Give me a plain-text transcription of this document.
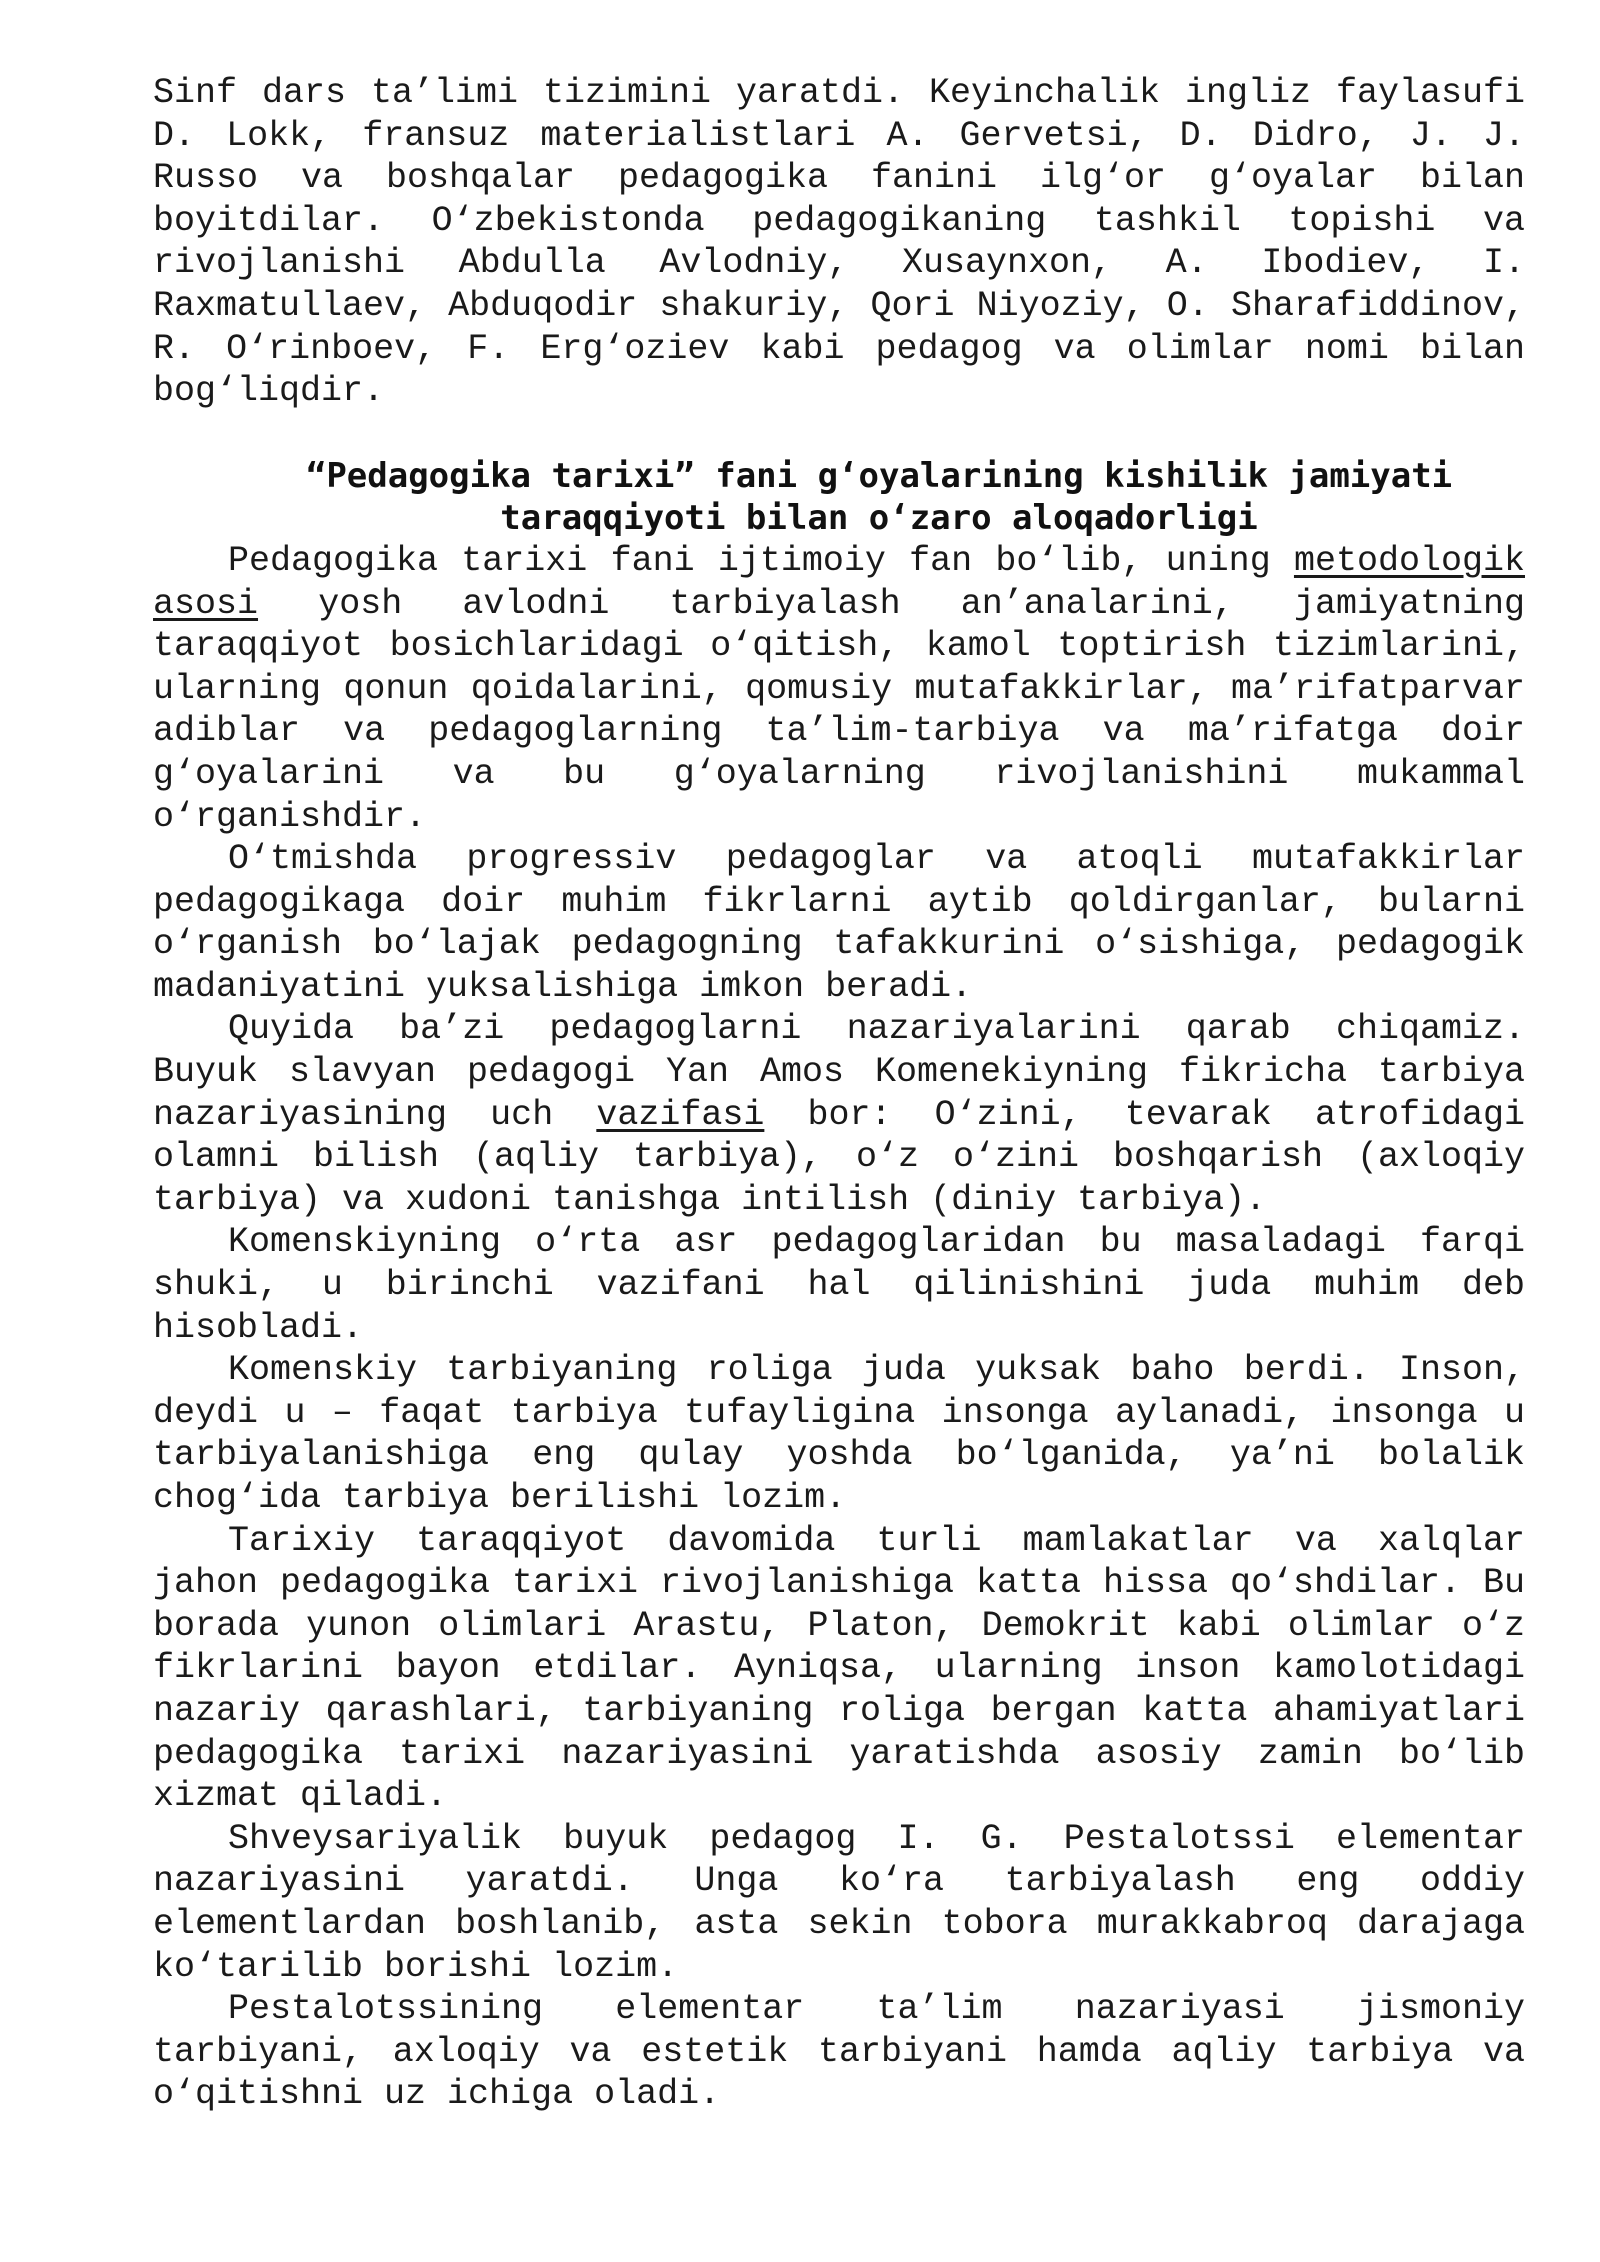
Sinf dars ta’limi tizimini yaratdi. Keyinchalik ingliz faylasufi D. Lokk, fransuz materialistlari A. Gervetsi, D. Didro, J. J. Russo va boshqalar pedagogika fanini ilg‘or g‘oyalar bilan boyitdilar. O‘zbekistonda pedagogikaning tashkil topishi va rivojlanishi Abdulla Avlodniy, Xusaynxon, A. Ibodiev, I. Raxmatullaev, Abduqodir shakuriy, Qori Niyoziy, O. Sharafiddinov, R. O‘rinboev, F. Erg‘oziev kabi pedagog va olimlar nomi bilan bog‘liqdir.

“Pedagogika tarixi” fani g‘oyalarining kishilik jamiyati
taraqqiyoti bilan o‘zaro aloqadorligi

Pedagogika tarixi fani ijtimoiy fan bo‘lib, uning metodologik asosi yosh avlodni tarbiyalash an’analarini, jamiyatning taraqqiyot bosichlaridagi o‘qitish, kamol toptirish tizimlarini, ularning qonun qoidalarini, qomusiy mutafakkirlar, ma’rifatparvar adiblar va pedagoglarning ta’lim-tarbiya va ma’rifatga doir g‘oyalarini va bu g‘oyalarning rivojlanishini mukammal o‘rganishdir.

O‘tmishda progressiv pedagoglar va atoqli mutafakkirlar pedagogikaga doir muhim fikrlarni aytib qoldirganlar, bularni o‘rganish bo‘lajak pedagogning tafakkurini o‘sishiga, pedagogik madaniyatini yuksalishiga imkon beradi.

Quyida ba’zi pedagoglarni nazariyalarini qarab chiqamiz. Buyuk slavyan pedagogi Yan Amos Komenekiyning fikricha tarbiya nazariyasining uch vazifasi bor: O‘zini, tevarak atrofidagi olamni bilish (aqliy tarbiya), o‘z o‘zini boshqarish (axloqiy tarbiya) va xudoni tanishga intilish (diniy tarbiya).

Komenskiyning o‘rta asr pedagoglaridan bu masaladagi farqi shuki, u birinchi vazifani hal qilinishini juda muhim deb hisobladi.

Komenskiy tarbiyaning roliga juda yuksak baho berdi. Inson, deydi u – faqat tarbiya tufayligina insonga aylanadi, insonga u tarbiyalanishiga eng qulay yoshda bo‘lganida, ya’ni bolalik chog‘ida tarbiya berilishi lozim.

Tarixiy taraqqiyot davomida turli mamlakatlar va xalqlar jahon pedagogika tarixi rivojlanishiga katta hissa qo‘shdilar. Bu borada yunon olimlari Arastu, Platon, Demokrit kabi olimlar o‘z fikrlarini bayon etdilar. Ayniqsa, ularning inson kamolotidagi nazariy qarashlari, tarbiyaning roliga bergan katta ahamiyatlari pedagogika tarixi nazariyasini yaratishda asosiy zamin bo‘lib xizmat qiladi.

Shveysariyalik buyuk pedagog I. G. Pestalotssi elementar nazariyasini yaratdi. Unga ko‘ra tarbiyalash eng oddiy elementlardan boshlanib, asta sekin tobora murakkabroq darajaga ko‘tarilib borishi lozim.

Pestalotssining elementar ta’lim nazariyasi jismoniy tarbiyani, axloqiy va estetik tarbiyani hamda aqliy tarbiya va o‘qitishni uz ichiga oladi.
